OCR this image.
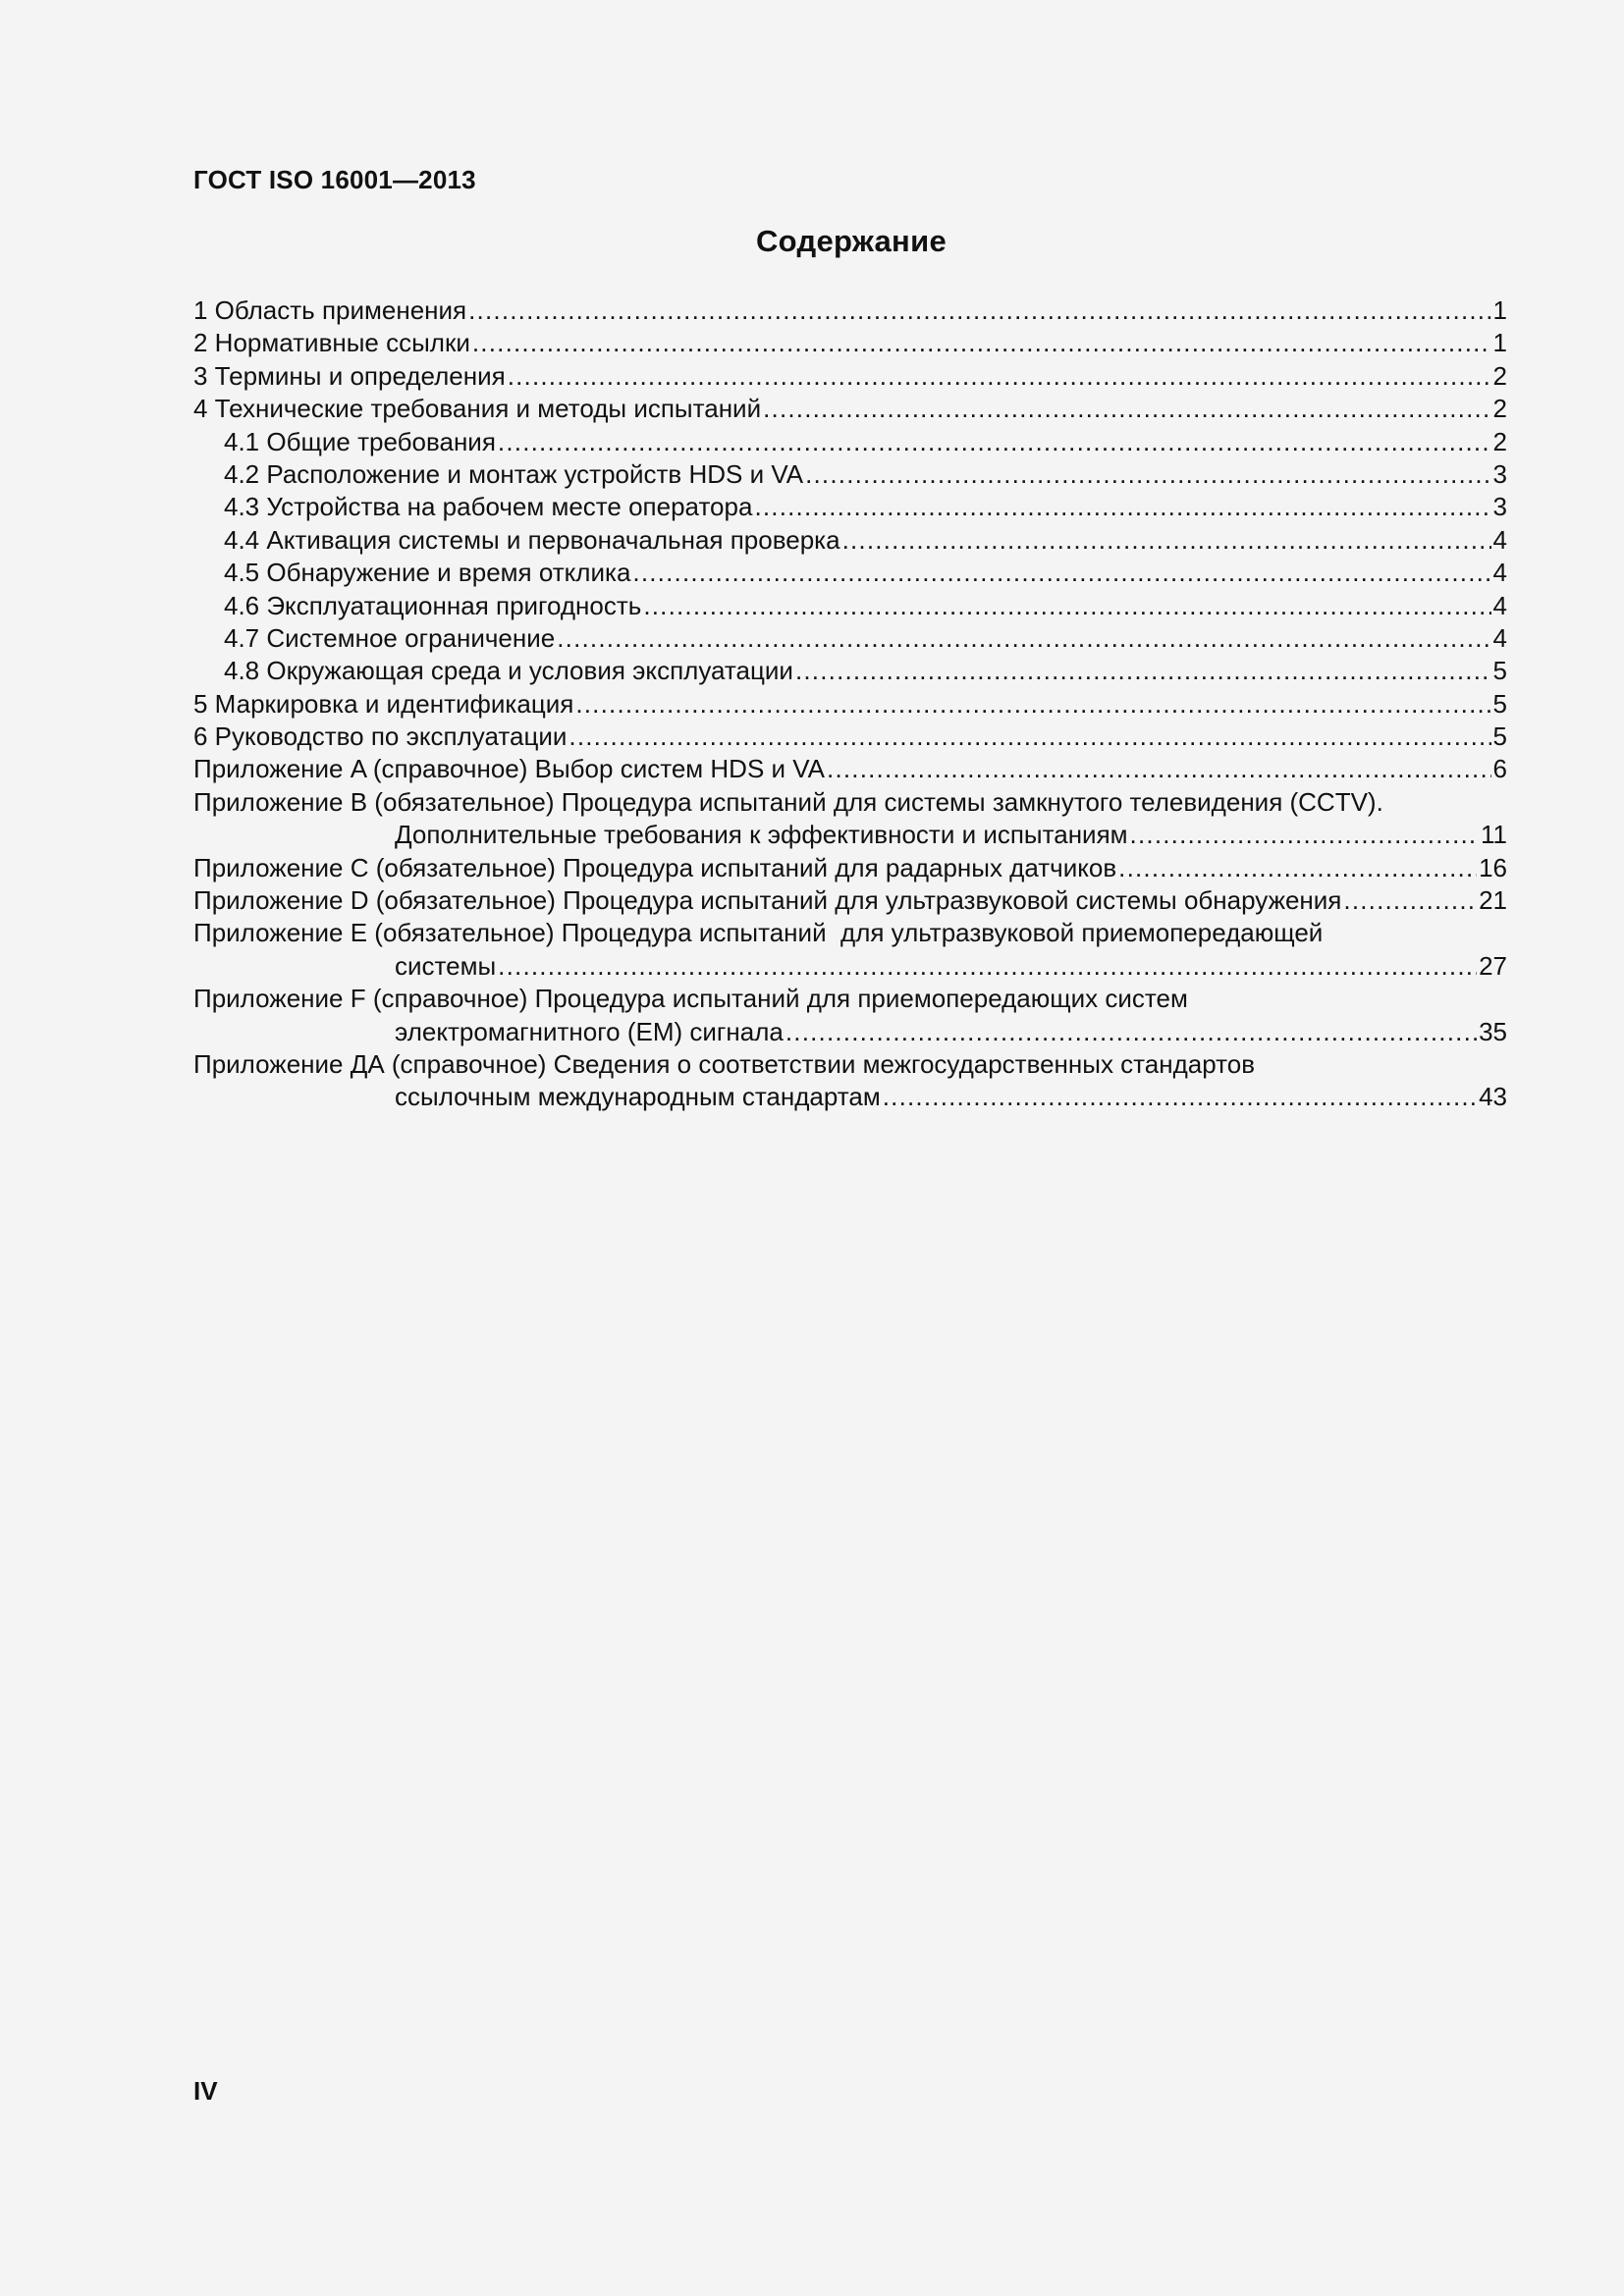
ГОСТ ISO 16001—2013
Содержание
1 Область применения .....	1
2 Нормативные ссылки .....	1
3 Термины и определения .....	2
4 Технические требования и методы испытаний .....	2
4.1 Общие требования .....	2
4.2 Расположение и монтаж устройств HDS и VA .....	3
4.3 Устройства на рабочем месте оператора .....	3
4.4 Активация системы и первоначальная проверка .....	4
4.5 Обнаружение и время отклика .....	4
4.6 Эксплуатационная пригодность .....	4
4.7 Системное ограничение .....	4
4.8 Окружающая среда и условия эксплуатации .....	5
5 Маркировка и идентификация .....	5
6 Руководство по эксплуатации .....	5
Приложение A (справочное) Выбор систем HDS и VA .....	6
Приложение B (обязательное) Процедура испытаний для системы замкнутого телевидения (CCTV).
Дополнительные требования к эффективности и испытаниям .....	11
Приложение C (обязательное) Процедура испытаний для радарных датчиков .....	16
Приложение D (обязательное) Процедура испытаний для ультразвуковой системы обнаружения .....	21
Приложение E (обязательное) Процедура испытаний  для ультразвуковой приемопередающей
системы .....	27
Приложение F (справочное) Процедура испытаний для приемопередающих систем
электромагнитного (ЕМ) сигнала .....	35
Приложение ДА (справочное) Сведения о соответствии межгосударственных стандартов
ссылочным международным стандартам .....	43
IV
